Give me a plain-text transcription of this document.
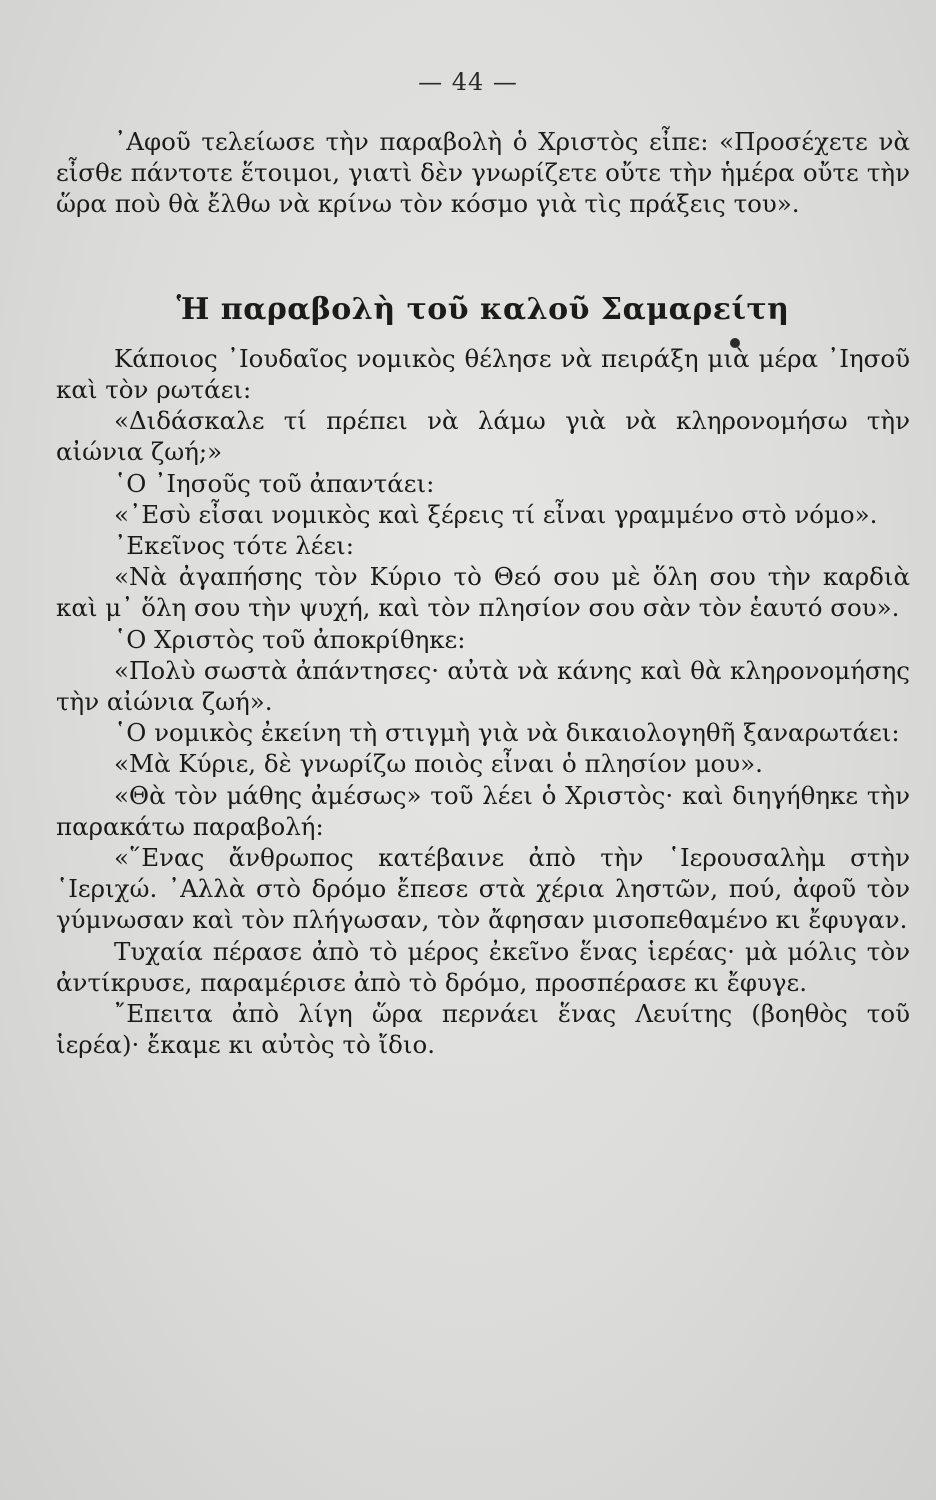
— 44 —

᾿Αφοῦ τελείωσε τὴν παραβολὴ ὁ Χριστὸς εἶπε: «Προσέχετε νὰ εἶσθε πάντοτε ἕτοιμοι, γιατὶ δὲν γνωρίζετε οὔτε τὴν ἡμέρα οὔτε τὴν ὥρα ποὺ θὰ ἔλθω νὰ κρίνω τὸν κόσμο γιὰ τὶς πράξεις του».

Ἡ παραβολὴ τοῦ καλοῦ Σαμαρείτη

Κάποιος ᾿Ιουδαῖος νομικὸς θέλησε νὰ πειράξη μιὰ μέρα ᾿Ιησοῦ καὶ τὸν ρωτάει:

«Διδάσκαλε τί πρέπει νὰ λάμω γιὰ νὰ κληρονομήσω τὴν αἰώνια ζωή;»

῾Ο ᾿Ιησοῦς τοῦ ἀπαντάει:

«᾿Εσὺ εἶσαι νομικὸς καὶ ξέρεις τί εἶναι γραμμένο στὸ νόμο».

᾿Εκεῖνος τότε λέει:

«Νὰ ἀγαπήσης τὸν Κύριο τὸ Θεό σου μὲ ὅλη σου τὴν καρδιὰ καὶ μ᾿ ὅλη σου τὴν ψυχή, καὶ τὸν πλησίον σου σὰν τὸν ἑαυτό σου».

῾Ο Χριστὸς τοῦ ἀποκρίθηκε:

«Πολὺ σωστὰ ἀπάντησες· αὐτὰ νὰ κάνης καὶ θὰ κληρονομήσης τὴν αἰώνια ζωή».

῾Ο νομικὸς ἐκείνη τὴ στιγμὴ γιὰ νὰ δικαιολογηθῆ ξαναρωτάει:

«Μὰ Κύριε, δὲ γνωρίζω ποιὸς εἶναι ὁ πλησίον μου».

«Θὰ τὸν μάθης ἀμέσως» τοῦ λέει ὁ Χριστὸς· καὶ διηγήθηκε τὴν παρακάτω παραβολή:

«῞Ενας ἄνθρωπος κατέβαινε ἀπὸ τὴν ῾Ιερουσαλὴμ στὴν ῾Ιεριχώ. ᾿Αλλὰ στὸ δρόμο ἔπεσε στὰ χέρια ληστῶν, πού, ἀφοῦ τὸν γύμνωσαν καὶ τὸν πλήγωσαν, τὸν ἄφησαν μισοπεθαμένο κι ἔφυγαν.

Τυχαία πέρασε ἀπὸ τὸ μέρος ἐκεῖνο ἕνας ἱερέας· μὰ μόλις τὸν ἀντίκρυσε, παραμέρισε ἀπὸ τὸ δρόμο, προσπέρασε κι ἔφυγε.

῎Επειτα ἀπὸ λίγη ὥρα περνάει ἕνας Λευίτης (βοηθὸς τοῦ ἱερέα)· ἔκαμε κι αὐτὸς τὸ ἴδιο.
